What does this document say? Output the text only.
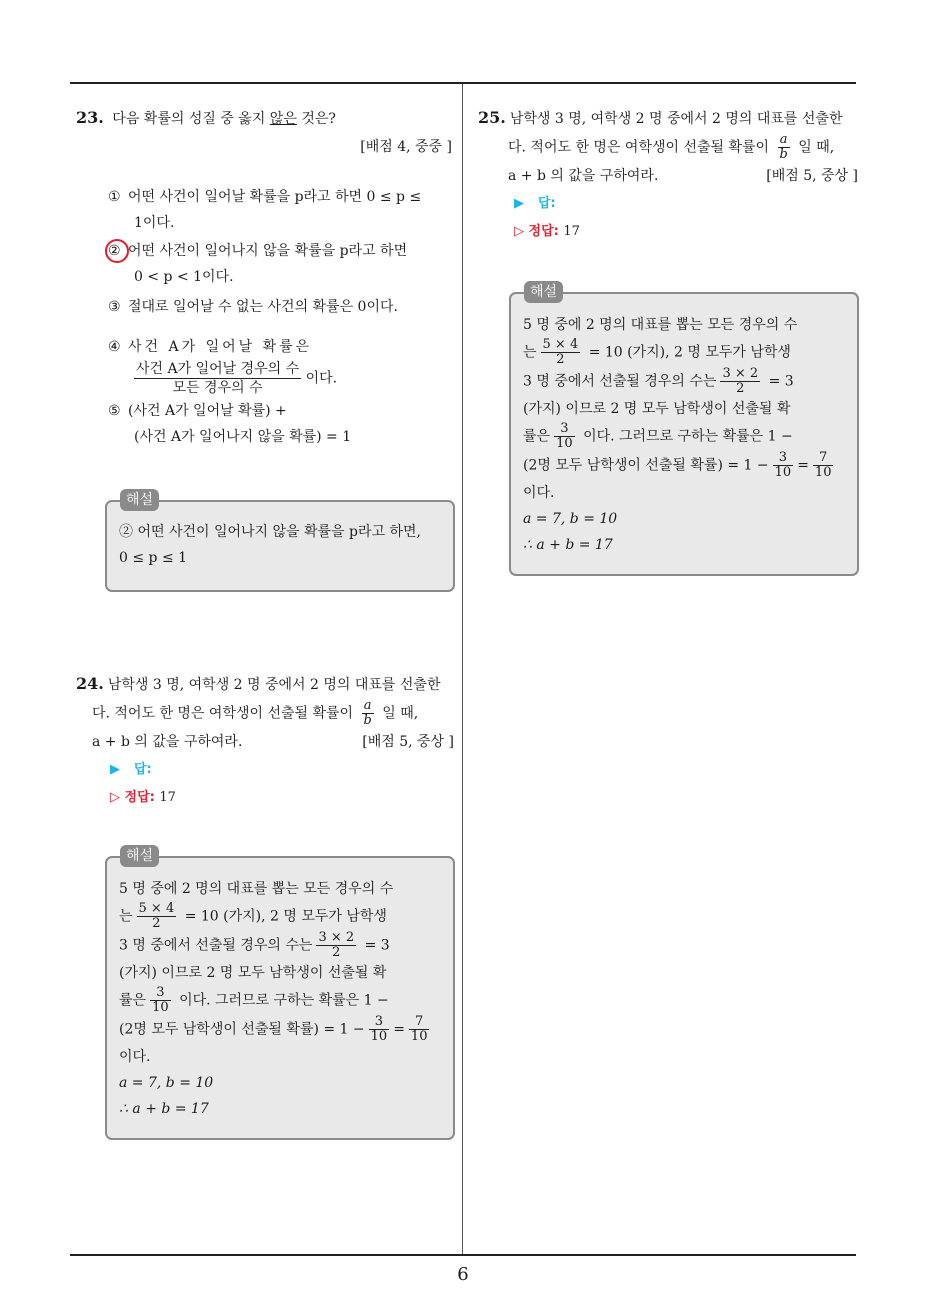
23. 다음 확률의 성질 중 옳지 않은 것은?
[배점 4, 중중 ]
① 어떤 사건이 일어날 확률을 p라고 하면 0 ≤ p ≤
1이다.
② 어떤 사건이 일어나지 않을 확률을 p라고 하면
0 < p < 1이다.
③ 절대로 일어날 수 없는 사건의 확률은 0이다.
④ 사건 A가 일어날 확률은
$\frac{\text{사건 A가 일어날 경우의 수}}{\text{모든 경우의 수}}$ 이다.
⑤ (사건 A가 일어날 확률) +
(사건 A가 일어나지 않을 확률) = 1

② 어떤 사건이 일어나지 않을 확률을 p라고 하면,

0 ≤ p ≤ 1

해설
24. 남학생 3 명, 여학생 2 명 중에서 2 명의 대표를 선출한
다. 적어도 한 명은 여학생이 선출될 확률이 $\frac{a}{b}$ 일 때,
a + b 의 값을 구하여라.	[배점 5, 중상 ]
▶ 답:
▷ 정답: 17

5 명 중에 2 명의 대표를 뽑는 모든 경우의 수

는 $\frac{5 \times 4}{2} = 10$ (가지), 2 명 모두가 남학생

3 명 중에서 선출될 경우의 수는 $\frac{3 \times 2}{2} = 3$

(가지) 이므로 2 명 모두 남학생이 선출될 확

률은 $\frac{3}{10}$ 이다. 그러므로 구하는 확률은 1 −

(2명 모두 남학생이 선출될 확률) = $1 - \frac{3}{10} = \frac{7}{10}$

이다.

a = 7, b = 10

∴ a + b = 17

해설
25. 남학생 3 명, 여학생 2 명 중에서 2 명의 대표를 선출한
다. 적어도 한 명은 여학생이 선출될 확률이 $\frac{a}{b}$ 일 때,
a + b 의 값을 구하여라.	[배점 5, 중상 ]
▶ 답:
▷ 정답: 17

5 명 중에 2 명의 대표를 뽑는 모든 경우의 수

는 $\frac{5 \times 4}{2} = 10$ (가지), 2 명 모두가 남학생

3 명 중에서 선출될 경우의 수는 $\frac{3 \times 2}{2} = 3$

(가지) 이므로 2 명 모두 남학생이 선출될 확

률은 $\frac{3}{10}$ 이다. 그러므로 구하는 확률은 1 −

(2명 모두 남학생이 선출될 확률) = $1 - \frac{3}{10} = \frac{7}{10}$

이다.

a = 7, b = 10

∴ a + b = 17

해설
6
